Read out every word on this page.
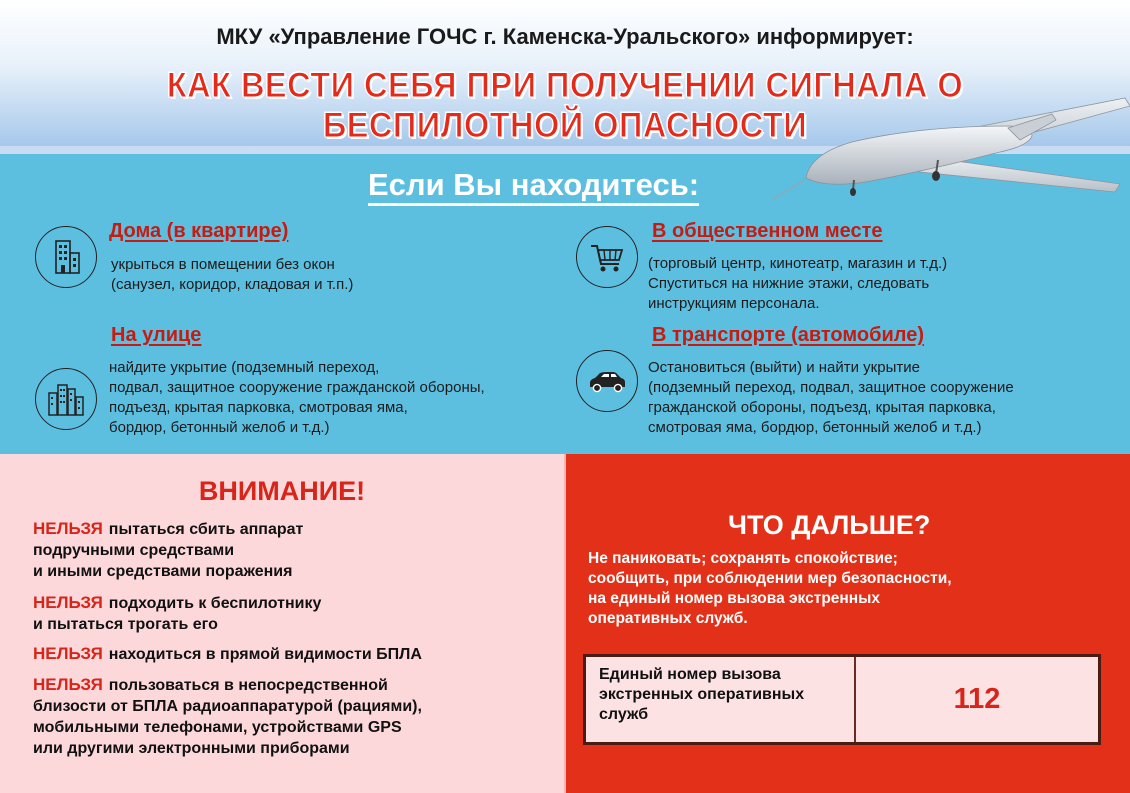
МКУ «Управление ГОЧС г. Каменска-Уральского» информирует:
КАК ВЕСТИ СЕБЯ ПРИ ПОЛУЧЕНИИ СИГНАЛА О БЕСПИЛОТНОЙ ОПАСНОСТИ
Если Вы находитесь:
Дома (в квартире)
укрыться в помещении без окон
(санузел, коридор, кладовая и т.п.)
В общественном месте
(торговый центр, кинотеатр, магазин и т.д.)
Спуститься на нижние этажи, следовать
инструкциям персонала.
На улице
найдите укрытие (подземный переход,
подвал, защитное сооружение гражданской обороны,
подъезд, крытая парковка, смотровая яма,
бордюр, бетонный желоб и т.д.)
В транспорте (автомобиле)
Остановиться (выйти) и найти укрытие
(подземный переход, подвал, защитное сооружение
гражданской обороны, подъезд, крытая парковка,
смотровая яма, бордюр, бетонный желоб и т.д.)
ВНИМАНИЕ!
НЕЛЬЗЯ пытаться сбить аппарат
подручными средствами
и иными средствами поражения
НЕЛЬЗЯ подходить к беспилотнику
и пытаться трогать его
НЕЛЬЗЯ находиться в прямой видимости БПЛА
НЕЛЬЗЯ пользоваться в непосредственной
близости от БПЛА радиоаппаратурой (рациями),
мобильными телефонами, устройствами GPS
или другими электронными приборами
ЧТО ДАЛЬШЕ?
Не паниковать; сохранять спокойствие;
сообщить, при соблюдении мер безопасности,
на единый номер вызова экстренных
оперативных служб.
Единый номер вызова
экстренных оперативных
служб	112
